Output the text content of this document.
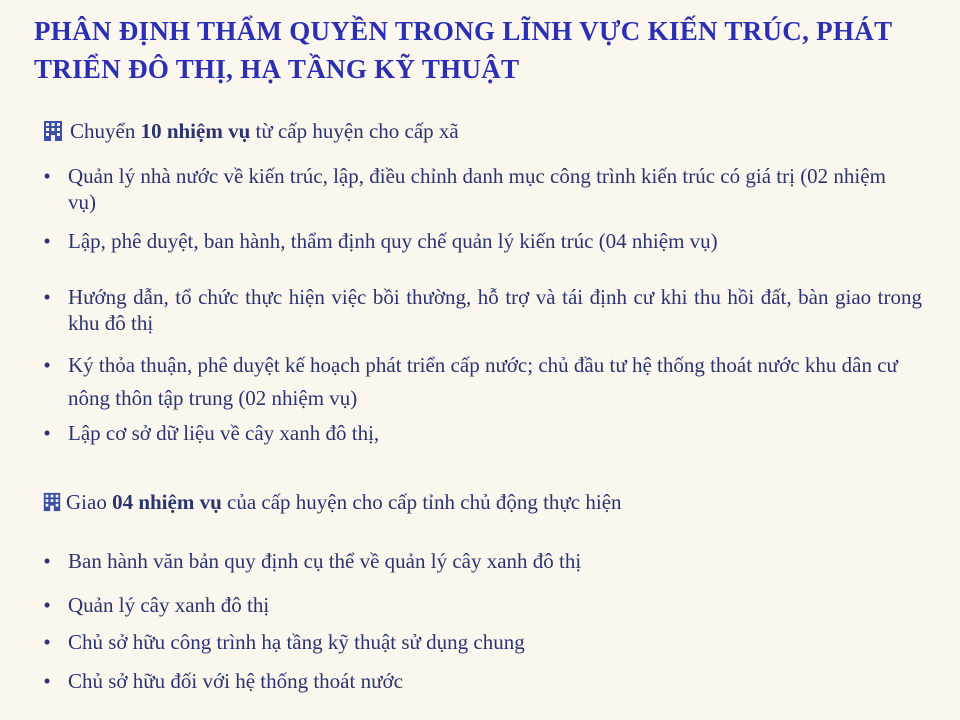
PHÂN ĐỊNH THẨM QUYỀN TRONG LĨNH VỰC KIẾN TRÚC, PHÁT TRIỂN ĐÔ THỊ, HẠ TẦNG KỸ THUẬT
Chuyển 10 nhiệm vụ từ cấp huyện cho cấp xã
• Quản lý nhà nước về kiến trúc, lập, điều chỉnh danh mục công trình kiến trúc có giá trị (02 nhiệm vụ)
• Lập, phê duyệt, ban hành, thẩm định quy chế quản lý kiến trúc (04 nhiệm vụ)
• Hướng dẫn, tổ chức thực hiện việc bồi thường, hỗ trợ và tái định cư khi thu hồi đất, bàn giao trong khu đô thị
• Ký thỏa thuận, phê duyệt kế hoạch phát triển cấp nước; chủ đầu tư hệ thống thoát nước khu dân cư nông thôn tập trung (02 nhiệm vụ)
• Lập cơ sở dữ liệu về cây xanh đô thị,
Giao 04 nhiệm vụ của cấp huyện cho cấp tỉnh chủ động thực hiện
• Ban hành văn bản quy định cụ thể về quản lý cây xanh đô thị
• Quản lý cây xanh đô thị
• Chủ sở hữu công trình hạ tầng kỹ thuật sử dụng chung
• Chủ sở hữu đối với hệ thống thoát nước
